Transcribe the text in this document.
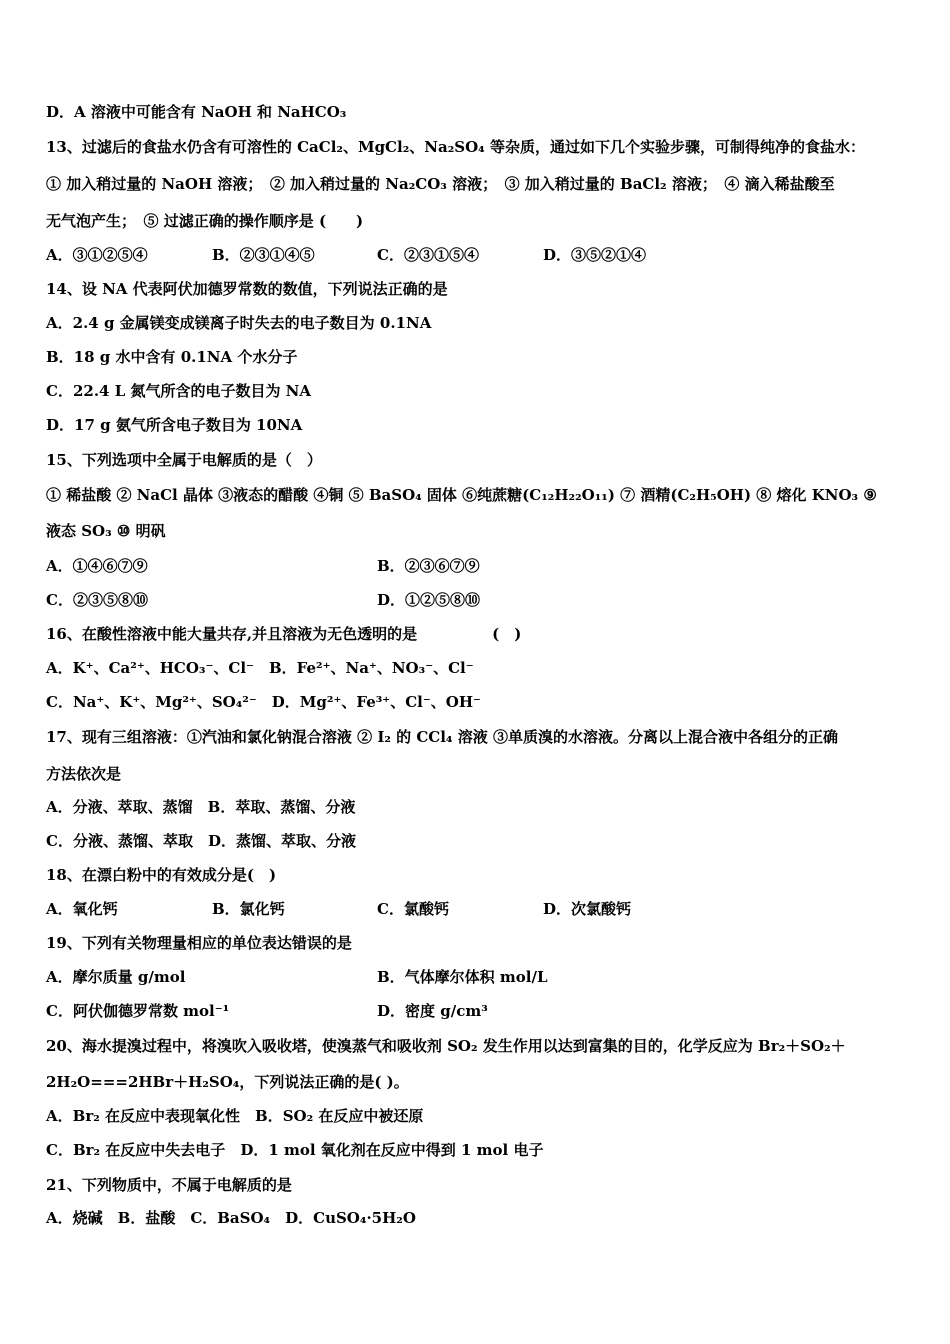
D．A 溶液中可能含有 NaOH 和 NaHCO₃
13、过滤后的食盐水仍含有可溶性的 CaCl₂、MgCl₂、Na₂SO₄ 等杂质，通过如下几个实验步骤，可制得纯净的食盐水：
① 加入稍过量的 NaOH 溶液；　② 加入稍过量的 Na₂CO₃ 溶液；　③ 加入稍过量的 BaCl₂ 溶液；　④ 滴入稀盐酸至
无气泡产生；　⑤ 过滤正确的操作顺序是 (　　)
A．③①②⑤④	B．②③①④⑤	C．②③①⑤④	D．③⑤②①④
14、设 NA 代表阿伏加德罗常数的数值，下列说法正确的是
A．2.4 g 金属镁变成镁离子时失去的电子数目为 0.1NA
B．18 g 水中含有 0.1NA 个水分子
C．22.4 L 氮气所含的电子数目为 NA
D．17 g 氨气所含电子数目为 10NA
15、下列选项中全属于电解质的是（　）
① 稀盐酸 ② NaCl 晶体 ③液态的醋酸 ④铜 ⑤ BaSO₄ 固体 ⑥纯蔗糖(C₁₂H₂₂O₁₁) ⑦ 酒精(C₂H₅OH) ⑧ 熔化 KNO₃ ⑨
液态 SO₃ ⑩ 明矾
A．①④⑥⑦⑨	B．②③⑥⑦⑨
C．②③⑤⑧⑩	D．①②⑤⑧⑩
16、在酸性溶液中能大量共存,并且溶液为无色透明的是　　　　　(　)
A．K⁺、Ca²⁺、HCO₃⁻、Cl⁻　B．Fe²⁺、Na⁺、NO₃⁻、Cl⁻
C．Na⁺、K⁺、Mg²⁺、SO₄²⁻　D．Mg²⁺、Fe³⁺、Cl⁻、OH⁻
17、现有三组溶液：①汽油和氯化钠混合溶液 ② I₂ 的 CCl₄ 溶液 ③单质溴的水溶液。分离以上混合液中各组分的正确
方法依次是
A．分液、萃取、蒸馏　B．萃取、蒸馏、分液
C．分液、蒸馏、萃取　D．蒸馏、萃取、分液
18、在漂白粉中的有效成分是(　)
A．氧化钙	B．氯化钙	C．氯酸钙	D．次氯酸钙
19、下列有关物理量相应的单位表达错误的是
A．摩尔质量 g/mol	B．气体摩尔体积 mol/L
C．阿伏伽德罗常数 mol⁻¹	D．密度 g/cm³
20、海水提溴过程中，将溴吹入吸收塔，使溴蒸气和吸收剂 SO₂ 发生作用以达到富集的目的，化学反应为 Br₂＋SO₂＋
2H₂O===2HBr＋H₂SO₄，下列说法正确的是( )。
A．Br₂ 在反应中表现氧化性　B．SO₂ 在反应中被还原
C．Br₂ 在反应中失去电子　D．1 mol 氧化剂在反应中得到 1 mol 电子
21、下列物质中，不属于电解质的是
A．烧碱　B．盐酸　C．BaSO₄　D．CuSO₄·5H₂O
